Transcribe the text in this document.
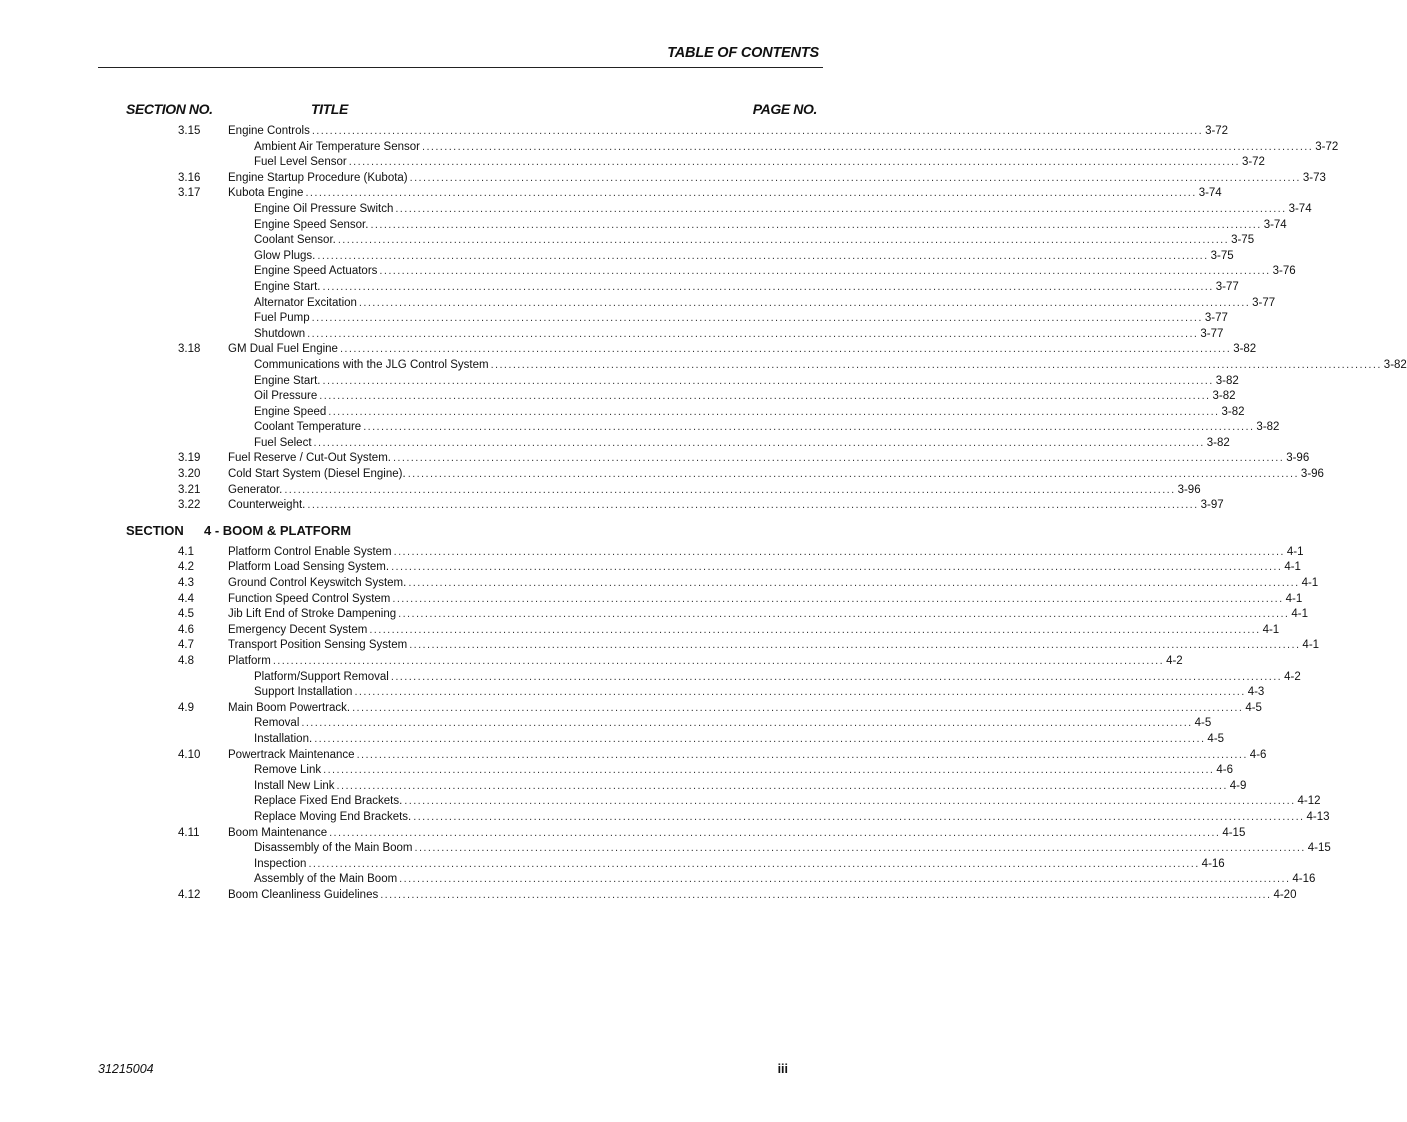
TABLE OF CONTENTS
SECTION NO.	TITLE	PAGE NO.
3.15 Engine Controls ........................................................................................................................................................................................................ 3-72
Ambient Air Temperature Sensor ........................................................................................................................................................................................................ 3-72
Fuel Level Sensor ........................................................................................................................................................................................................ 3-72
3.16 Engine Startup Procedure (Kubota) ........................................................................................................................................................................................................ 3-73
3.17 Kubota Engine ........................................................................................................................................................................................................ 3-74
Engine Oil Pressure Switch ........................................................................................................................................................................................................ 3-74
Engine Speed Sensor. ........................................................................................................................................................................................................ 3-74
Coolant Sensor. ........................................................................................................................................................................................................ 3-75
Glow Plugs. ........................................................................................................................................................................................................ 3-75
Engine Speed Actuators ........................................................................................................................................................................................................ 3-76
Engine Start. ........................................................................................................................................................................................................ 3-77
Alternator Excitation ........................................................................................................................................................................................................ 3-77
Fuel Pump ........................................................................................................................................................................................................ 3-77
Shutdown ........................................................................................................................................................................................................ 3-77
3.18 GM Dual Fuel Engine ........................................................................................................................................................................................................ 3-82
Communications with the JLG Control System ........................................................................................................................................................................................................ 3-82
Engine Start. ........................................................................................................................................................................................................ 3-82
Oil Pressure ........................................................................................................................................................................................................ 3-82
Engine Speed ........................................................................................................................................................................................................ 3-82
Coolant Temperature ........................................................................................................................................................................................................ 3-82
Fuel Select ........................................................................................................................................................................................................ 3-82
3.19 Fuel Reserve / Cut-Out System. ........................................................................................................................................................................................................ 3-96
3.20 Cold Start System (Diesel Engine). ........................................................................................................................................................................................................ 3-96
3.21 Generator. ........................................................................................................................................................................................................ 3-96
3.22 Counterweight. ........................................................................................................................................................................................................ 3-97
SECTION 4 - BOOM & PLATFORM
4.1	Platform Control Enable System ........................................................................................................................................................................................................ 4-1
4.2	Platform Load Sensing System. ........................................................................................................................................................................................................ 4-1
4.3	Ground Control Keyswitch System. ........................................................................................................................................................................................................ 4-1
4.4	Function Speed Control System ........................................................................................................................................................................................................ 4-1
4.5	Jib Lift End of Stroke Dampening ........................................................................................................................................................................................................ 4-1
4.6	Emergency Decent System ........................................................................................................................................................................................................ 4-1
4.7	Transport Position Sensing System ........................................................................................................................................................................................................ 4-1
4.8	Platform ........................................................................................................................................................................................................ 4-2
Platform/Support Removal ........................................................................................................................................................................................................ 4-2
Support Installation ........................................................................................................................................................................................................ 4-3
4.9	Main Boom Powertrack. ........................................................................................................................................................................................................ 4-5
Removal ........................................................................................................................................................................................................ 4-5
Installation. ........................................................................................................................................................................................................ 4-5
4.10 Powertrack Maintenance ........................................................................................................................................................................................................ 4-6
Remove Link ........................................................................................................................................................................................................ 4-6
Install New Link ........................................................................................................................................................................................................ 4-9
Replace Fixed End Brackets. ........................................................................................................................................................................................................ 4-12
Replace Moving End Brackets. ........................................................................................................................................................................................................ 4-13
4.11 Boom Maintenance ........................................................................................................................................................................................................ 4-15
Disassembly of the Main Boom ........................................................................................................................................................................................................ 4-15
Inspection ........................................................................................................................................................................................................ 4-16
Assembly of the Main Boom ........................................................................................................................................................................................................ 4-16
4.12 Boom Cleanliness Guidelines ........................................................................................................................................................................................................ 4-20
31215004	iii
